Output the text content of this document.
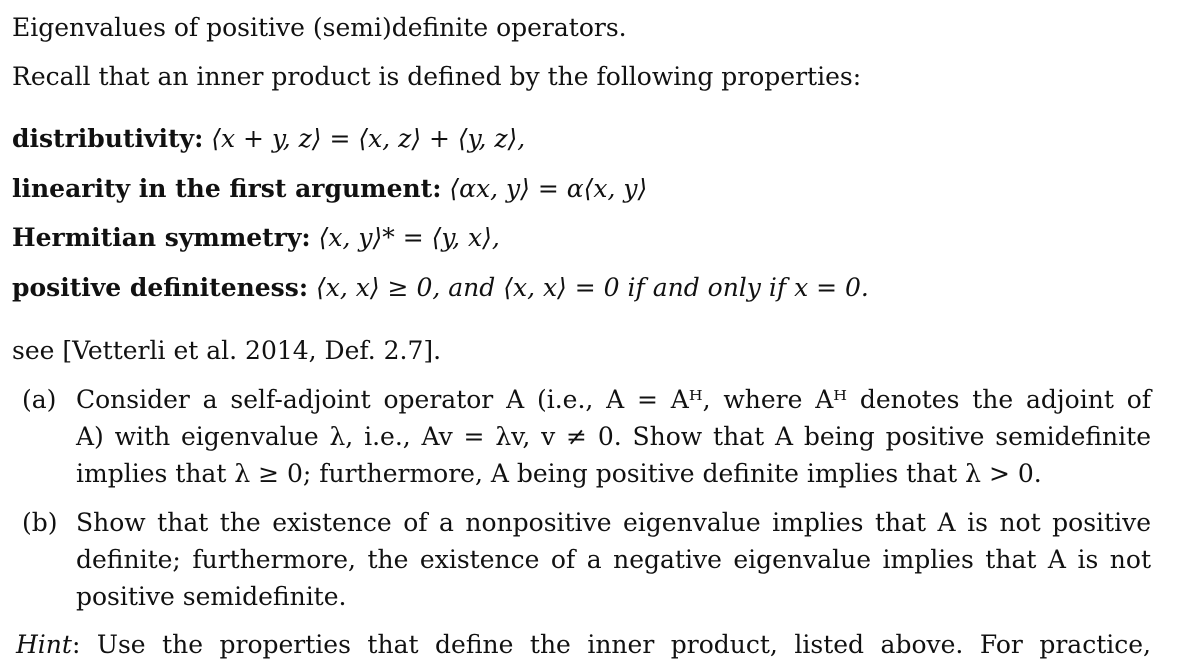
Eigenvalues of positive (semi)definite operators.
Recall that an inner product is defined by the following properties:
distributivity: ⟨x + y, z⟩ = ⟨x, z⟩ + ⟨y, z⟩,
linearity in the first argument: ⟨αx, y⟩ = α⟨x, y⟩
Hermitian symmetry: ⟨x, y⟩* = ⟨y, x⟩,
positive definiteness: ⟨x, x⟩ ≥ 0, and ⟨x, x⟩ = 0 if and only if x = 0.
see [Vetterli et al. 2014, Def. 2.7].
(a) Consider a self-adjoint operator A (i.e., A = Aᴴ, where Aᴴ denotes the adjoint of
A) with eigenvalue λ, i.e., Av = λv, v ≠ 0. Show that A being positive semidefinite
implies that λ ≥ 0; furthermore, A being positive definite implies that λ > 0.
(b) Show that the existence of a nonpositive eigenvalue implies that A is not positive
definite; furthermore, the existence of a negative eigenvalue implies that A is not
positive semidefinite.
Hint: Use the properties that define the inner product, listed above. For practice,
